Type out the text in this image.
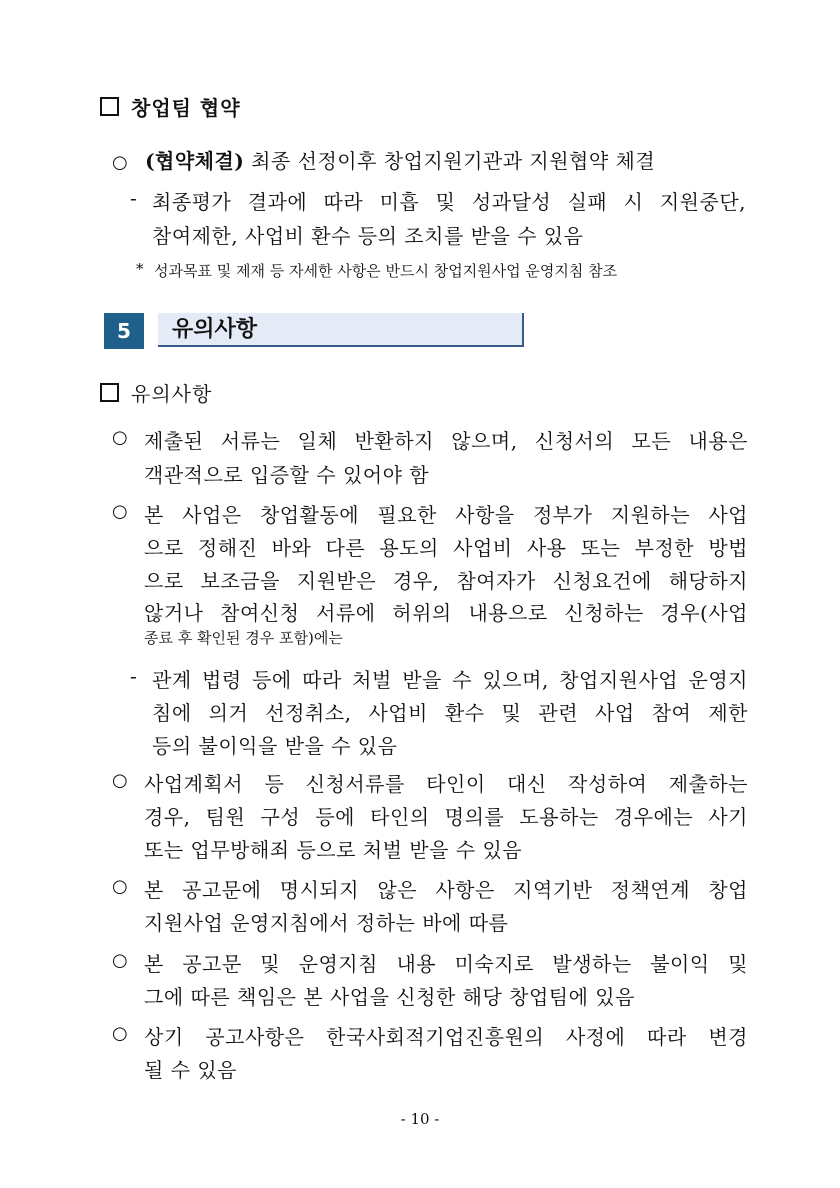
창업팀 협약
○ (협약체결) 최종 선정이후 창업지원기관과 지원협약 체결
- 최종평가 결과에 따라 미흡 및 성과달성 실패 시 지원중단,
참여제한, 사업비 환수 등의 조치를 받을 수 있음
* 성과목표 및 제재 등 자세한 사항은 반드시 창업지원사업 운영지침 참조
5	유의사항
유의사항
○ 제출된 서류는 일체 반환하지 않으며, 신청서의 모든 내용은
객관적으로 입증할 수 있어야 함
○ 본 사업은 창업활동에 필요한 사항을 정부가 지원하는 사업
으로 정해진 바와 다른 용도의 사업비 사용 또는 부정한 방법
으로 보조금을 지원받은 경우, 참여자가 신청요건에 해당하지
않거나 참여신청 서류에 허위의 내용으로 신청하는 경우(사업
종료 후 확인된 경우 포함)에는
- 관계 법령 등에 따라 처벌 받을 수 있으며, 창업지원사업 운영지
침에 의거 선정취소, 사업비 환수 및 관련 사업 참여 제한
등의 불이익을 받을 수 있음
○ 사업계획서 등 신청서류를 타인이 대신 작성하여 제출하는
경우, 팀원 구성 등에 타인의 명의를 도용하는 경우에는 사기
또는 업무방해죄 등으로 처벌 받을 수 있음
○ 본 공고문에 명시되지 않은 사항은 지역기반 정책연계 창업
지원사업 운영지침에서 정하는 바에 따름
○ 본 공고문 및 운영지침 내용 미숙지로 발생하는 불이익 및
그에 따른 책임은 본 사업을 신청한 해당 창업팀에 있음
○ 상기 공고사항은 한국사회적기업진흥원의 사정에 따라 변경
될 수 있음
- 10 -
